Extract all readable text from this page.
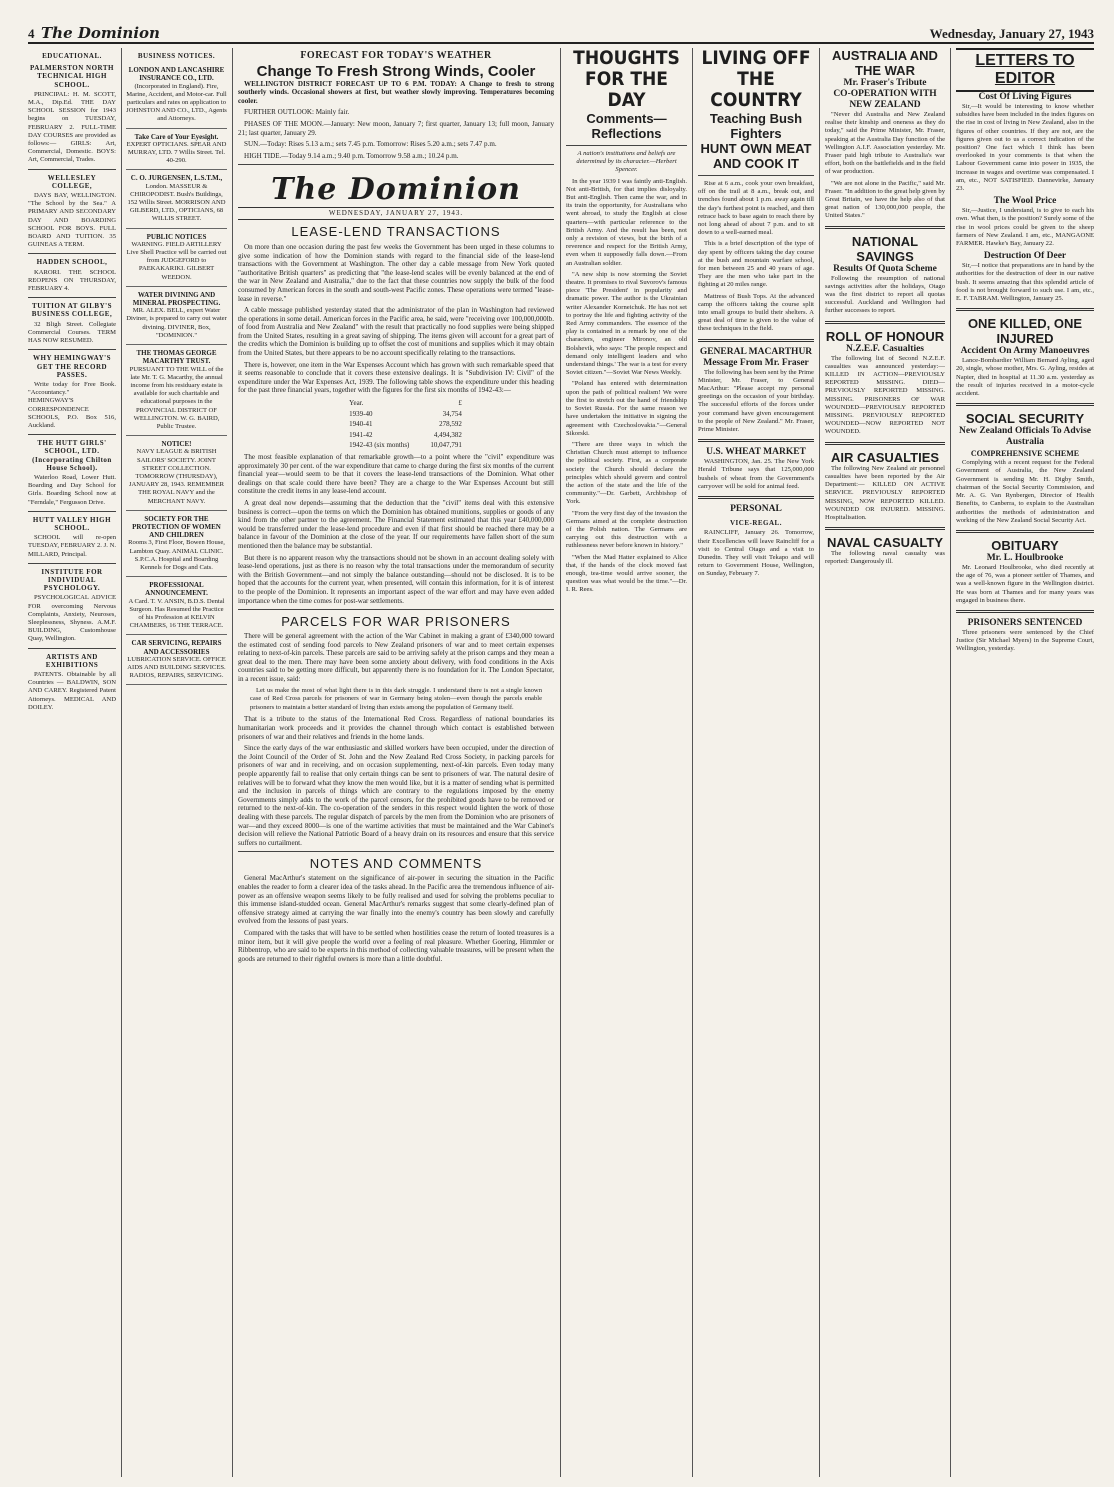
4 The Dominion	Wednesday, January 27, 1943
EDUCATIONAL.
PALMERSTON NORTH TECHNICAL HIGH SCHOOL.

PRINCIPAL: H. M. SCOTT, M.A., Dip.Ed. THE DAY SCHOOL SESSION for 1943 begins on TUESDAY, FEBRUARY 2. FULL-TIME DAY COURSES are provided as follows:— GIRLS: Art, Commercial, Domestic. BOYS: Art, Commercial, Trades.

WELLESLEY COLLEGE,

DAYS BAY, WELLINGTON. "The School by the Sea." A PRIMARY AND SECONDARY DAY AND BOARDING SCHOOL FOR BOYS. FULL BOARD AND TUITION. 35 GUINEAS A TERM.

HADDEN SCHOOL,

KARORI. THE SCHOOL REOPENS ON THURSDAY, FEBRUARY 4.

TUITION AT GILBY'S BUSINESS COLLEGE,

32 Bligh Street. Collegiate Commercial Courses. TERM HAS NOW RESUMED.

WHY HEMINGWAY'S GET THE RECORD PASSES.

Write today for Free Book. "Accountancy." HEMINGWAY'S CORRESPONDENCE SCHOOLS, P.O. Box 516, Auckland.

THE HUTT GIRLS' SCHOOL, LTD. (Incorporating Chilton House School).

Waterloo Road, Lower Hutt. Boarding and Day School for Girls. Boarding School now at "Ferndale," Fergusson Drive.

HUTT VALLEY HIGH SCHOOL.

SCHOOL will re-open TUESDAY, FEBRUARY 2. J. N. MILLARD, Principal.

INSTITUTE FOR INDIVIDUAL PSYCHOLOGY.

PSYCHOLOGICAL ADVICE FOR overcoming Nervous Complaints, Anxiety, Neuroses, Sleeplessness, Shyness. A.M.F. BUILDING, Customhouse Quay, Wellington.

ARTISTS AND EXHIBITIONS

PATENTS. Obtainable by all Countries — BALDWIN, SON AND CAREY. Registered Patent Attorneys. MEDICAL AND DOILEY.

BUSINESS NOTICES.
LONDON AND LANCASHIRE INSURANCE CO., LTD.
(Incorporated in England). Fire, Marine, Accident, and Motor-car. Full particulars and rates on application to JOHNSTON AND CO., LTD., Agents and Attorneys.
Take Care of Your Eyesight.
EXPERT OPTICIANS. SPEAR AND MURRAY, LTD. 7 Willis Street. Tel. 40-290.
C. O. JURGENSEN, L.S.T.M.,
London. MASSEUR & CHIROPODIST. Bush's Buildings, 152 Willis Street. MORRISON AND GILBERD, LTD., OPTICIANS, 68 WILLIS STREET.
PUBLIC NOTICES
WARNING. FIELD ARTILLERY Live Shell Practice will be carried out from JUDGEFORD to PAEKAKARIKI. GILBERT WEEDON.
WATER DIVINING AND MINERAL PROSPECTING.
MR. ALEX. BELL, expert Water Diviner, is prepared to carry out water divining. DIVINER, Box, "DOMINION."
THE THOMAS GEORGE MACARTHY TRUST.
PURSUANT TO THE WILL of the late Mr. T. G. Macarthy, the annual income from his residuary estate is available for such charitable and educational purposes in the PROVINCIAL DISTRICT OF WELLINGTON. W. G. BAIRD, Public Trustee.
NOTICE!
NAVY LEAGUE & BRITISH SAILORS' SOCIETY. JOINT STREET COLLECTION. TOMORROW (THURSDAY), JANUARY 28, 1943. REMEMBER THE ROYAL NAVY and the MERCHANT NAVY.
SOCIETY FOR THE PROTECTION OF WOMEN AND CHILDREN
Rooms 3, First Floor, Bowen House, Lambton Quay. ANIMAL CLINIC. S.P.C.A. Hospital and Boarding Kennels for Dogs and Cats.
PROFESSIONAL ANNOUNCEMENT.
A Card. T. V. ANSIN, B.D.S. Dental Surgeon. Has Resumed the Practice of his Profession at KELVIN CHAMBERS, 16 THE TERRACE.
CAR SERVICING, REPAIRS AND ACCESSORIES
LUBRICATION SERVICE. OFFICE AIDS AND BUILDING SERVICES. RADIOS, REPAIRS, SERVICING.
FORECAST FOR TODAY'S WEATHER
Change To Fresh Strong Winds, Cooler

WELLINGTON DISTRICT FORECAST UP TO 6 P.M. TODAY: A Change to fresh to strong southerly winds. Occasional showers at first, but weather slowly improving. Temperatures becoming cooler.

FURTHER OUTLOOK: Mainly fair.

PHASES OF THE MOON.—January: New moon, January 7; first quarter, January 13; full moon, January 21; last quarter, January 29.

SUN.—Today: Rises 5.13 a.m.; sets 7.45 p.m. Tomorrow: Rises 5.20 a.m.; sets 7.47 p.m.

HIGH TIDE.—Today 9.14 a.m.; 9.40 p.m. Tomorrow 9.58 a.m.; 10.24 p.m.

The Dominion
WEDNESDAY, JANUARY 27, 1943.
LEASE-LEND TRANSACTIONS

On more than one occasion during the past few weeks the Government has been urged in these columns to give some indication of how the Dominion stands with regard to the financial side of the lease-lend transactions with the Government at Washington. The other day a cable message from New York quoted "authoritative British quarters" as predicting that "the lease-lend scales will be evenly balanced at the end of the war in New Zealand and Australia," due to the fact that these countries now supply the bulk of the food consumed by American forces in the south and south-west Pacific zones. These operations were termed "lease-lease in reverse."

A cable message published yesterday stated that the administrator of the plan in Washington had reviewed the operations in some detail. American forces in the Pacific area, he said, were "receiving over 100,000,000lb. of food from Australia and New Zealand" with the result that practically no food supplies were being shipped from the United States, resulting in a great saving of shipping. The items given will account for a great part of the credits which the Dominion is building up to offset the cost of munitions and supplies which it may obtain from the United States, but there appears to be no account specifically relating to the transactions.

There is, however, one item in the War Expenses Account which has grown with such remarkable speed that it seems reasonable to conclude that it covers these extensive dealings. It is "Subdivision IV: Civil" of the expenditure under the War Expenses Act, 1939. The following table shows the expenditure under this heading for the past three financial years, together with the figures for the first six months of 1942-43:—

Year.	£
1939-40	34,754
1940-41	278,592
1941-42	4,494,382
1942-43 (six months)	10,047,791

The most feasible explanation of that remarkable growth—to a point where the "civil" expenditure was approximately 30 per cent. of the war expenditure that came to charge during the first six months of the current financial year—would seem to be that it covers the lease-lend transactions of the Dominion. What other dealings on that scale could there have been? They are a charge to the War Expenses Account but still constitute the credit items in any lease-lend account.

A great deal now depends—assuming that the deduction that the "civil" items deal with this extensive business is correct—upon the terms on which the Dominion has obtained munitions, supplies or goods of any kind from the other partner to the agreement. The Financial Statement estimated that this year £40,000,000 would be transferred under the lease-lend procedure and even if that first should be reached there may be a balance in favour of the Dominion at the close of the year. If our requirements have fallen short of the sum mentioned then the balance may be substantial.

But there is no apparent reason why the transactions should not be shown in an account dealing solely with lease-lend operations, just as there is no reason why the total transactions under the memorandum of security with the British Government—and not simply the balance outstanding—should not be disclosed. It is to be hoped that the accounts for the current year, when presented, will contain this information, for it is of interest to the people of the Dominion. It represents an important aspect of the war effort and may have even added importance when the time comes for post-war settlements.

PARCELS FOR WAR PRISONERS

There will be general agreement with the action of the War Cabinet in making a grant of £340,000 toward the estimated cost of sending food parcels to New Zealand prisoners of war and to meet certain expenses relating to next-of-kin parcels. These parcels are said to be arriving safely at the prison camps and they mean a great deal to the men. There may have been some anxiety about delivery, with food conditions in the Axis countries said to be getting more difficult, but apparently there is no foundation for it. The London Spectator, in a recent issue, said:

Let us make the most of what light there is in this dark struggle. I understand there is not a single known case of Red Cross parcels for prisoners of war in Germany being stolen—even though the parcels enable prisoners to maintain a better standard of living than exists among the population of Germany itself.

That is a tribute to the status of the International Red Cross. Regardless of national boundaries its humanitarian work proceeds and it provides the channel through which contact is established between prisoners of war and their relatives and friends in the home lands.

Since the early days of the war enthusiastic and skilled workers have been occupied, under the direction of the Joint Council of the Order of St. John and the New Zealand Red Cross Society, in packing parcels for prisoners of war and in receiving, and on occasion supplementing, next-of-kin parcels. Even today many people apparently fail to realise that only certain things can be sent to prisoners of war. The natural desire of relatives will be to forward what they know the men would like, but it is a matter of sending what is permitted and the inclusion in parcels of things which are contrary to the regulations imposed by the enemy Governments simply adds to the work of the parcel censors, for the prohibited goods have to be removed or returned to the next-of-kin. The co-operation of the senders in this respect would lighten the work of those dealing with these parcels. The regular dispatch of parcels by the men from the Dominion who are prisoners of war—and they exceed 8000—is one of the wartime activities that must be maintained and the War Cabinet's decision will relieve the National Patriotic Board of a heavy drain on its resources and ensure that this service suffers no curtailment.

NOTES AND COMMENTS

General MacArthur's statement on the significance of air-power in securing the situation in the Pacific enables the reader to form a clearer idea of the tasks ahead. In the Pacific area the tremendous influence of air-power as an offensive weapon seems likely to be fully realised and used for solving the problems peculiar to this immense island-studded ocean. General MacArthur's remarks suggest that some clearly-defined plan of offensive strategy aimed at carrying the war finally into the enemy's country has been slowly and carefully evolved from the lessons of past years.

Compared with the tasks that will have to be settled when hostilities cease the return of looted treasures is a minor item, but it will give people the world over a feeling of real pleasure. Whether Goering, Himmler or Ribbentrop, who are said to be experts in this method of collecting valuable treasures, will be present when the goods are returned to their rightful owners is more than a little doubtful.

THOUGHTS FOR THE DAY
Comments—Reflections

A nation's institutions and beliefs are determined by its character.—Herbert Spencer.

In the year 1939 I was faintly anti-English. Not anti-British, for that implies disloyalty. But anti-English. Then came the war, and in its train the opportunity, for Australians who went abroad, to study the English at close quarters—with particular reference to the British Army. And the result has been, not only a revision of views, but the birth of a reverence and respect for the British Army, even when it supposedly falls down.—From an Australian soldier.

"A new ship is now storming the Soviet theatre. It promises to rival Suvorov's famous piece 'The President' in popularity and dramatic power. The author is the Ukrainian writer Alexander Korneichuk. He has not set to portray the life and fighting activity of the Red Army commanders. The essence of the play is contained in a remark by one of the characters, engineer Mironov, an old Bolshevik, who says: 'The people respect and demand only intelligent leaders and who understand things.' The war is a test for every Soviet citizen."—Soviet War News Weekly.

"Poland has entered with determination upon the path of political realism! We were the first to stretch out the hand of friendship to Soviet Russia. For the same reason we have undertaken the initiative in signing the agreement with Czechoslovakia."—General Sikorski.

"There are three ways in which the Christian Church must attempt to influence the political society. First, as a corporate society the Church should declare the principles which should govern and control the action of the state and the life of the community."—Dr. Garbett, Archbishop of York.

"From the very first day of the invasion the Germans aimed at the complete destruction of the Polish nation. The Germans are carrying out this destruction with a ruthlessness never before known in history."

"When the Mad Hatter explained to Alice that, if the hands of the clock moved fast enough, tea-time would arrive sooner, the question was what would be the time."—Dr. I. R. Rees.

LIVING OFF THE COUNTRY
Teaching Bush Fighters
HUNT OWN MEAT AND COOK IT

Rise at 6 a.m., cook your own breakfast, off on the trail at 8 a.m., break out, and trenches found about 1 p.m. away again till the day's furthest point is reached, and then retrace back to base again to reach there by not long ahead of about 7 p.m. and to sit down to a well-earned meal.

This is a brief description of the type of day spent by officers taking the day course at the bush and mountain warfare school, for men between 25 and 40 years of age. They are the men who take part in the fighting at 20 miles range.

Mattress of Bush Tops. At the advanced camp the officers taking the course split into small groups to build their shelters. A great deal of time is given to the value of these techniques in the field.

GENERAL MACARTHUR
Message From Mr. Fraser

The following has been sent by the Prime Minister, Mr. Fraser, to General MacArthur: "Please accept my personal greetings on the occasion of your birthday. The successful efforts of the forces under your command have given encouragement to the people of New Zealand." Mr. Fraser, Prime Minister.

U.S. WHEAT MARKET

WASHINGTON, Jan. 25. The New York Herald Tribune says that 125,000,000 bushels of wheat from the Government's carryover will be sold for animal feed.

PERSONAL
VICE-REGAL.

RAINCLIFF, January 26. Tomorrow, their Excellencies will leave Raincliff for a visit to Central Otago and a visit to Dunedin. They will visit Tekapo and will return to Government House, Wellington, on Sunday, February 7.

AUSTRALIA AND THE WAR
Mr. Fraser's Tribute
CO-OPERATION WITH NEW ZEALAND

"Never did Australia and New Zealand realise their kinship and oneness as they do today," said the Prime Minister, Mr. Fraser, speaking at the Australia Day function of the Wellington A.I.F. Association yesterday. Mr. Fraser paid high tribute to Australia's war effort, both on the battlefields and in the field of war production.

"We are not alone in the Pacific," said Mr. Fraser. "In addition to the great help given by Great Britain, we have the help also of that great nation of 130,000,000 people, the United States."

NATIONAL SAVINGS
Results Of Quota Scheme

Following the resumption of national savings activities after the holidays, Otago was the first district to report all quotas successful. Auckland and Wellington had further successes to report.

ROLL OF HONOUR
N.Z.E.F. Casualties

The following list of Second N.Z.E.F. casualties was announced yesterday:— KILLED IN ACTION—PREVIOUSLY REPORTED MISSING. DIED—PREVIOUSLY REPORTED MISSING. MISSING. PRISONERS OF WAR WOUNDED—PREVIOUSLY REPORTED MISSING. PREVIOUSLY REPORTED WOUNDED—NOW REPORTED NOT WOUNDED.

AIR CASUALTIES

The following New Zealand air personnel casualties have been reported by the Air Department:— KILLED ON ACTIVE SERVICE. PREVIOUSLY REPORTED MISSING, NOW REPORTED KILLED. WOUNDED OR INJURED. MISSING. Hospitalisation.

NAVAL CASUALTY

The following naval casualty was reported: Dangerously ill.

LETTERS TO EDITOR
Cost Of Living Figures

Sir,—It would be interesting to know whether subsidies have been included in the index figures on the rise in cost of living in New Zealand, also in the figures of other countries. If they are not, are the figures given out to us a correct indication of the position? One fact which I think has been overlooked in your comments is that when the Labour Government came into power in 1935, the increase in wages and overtime was compensated. I am, etc., NOT SATISFIED. Dannevirke, January 23.

The Wool Price

Sir,—Justice, I understand, is to give to each his own. What then, is the position? Surely some of the rise in wool prices could be given to the sheep farmers of New Zealand. I am, etc., MANGAONE FARMER. Hawke's Bay, January 22.

Destruction Of Deer

Sir,—I notice that preparations are in hand by the authorities for the destruction of deer in our native bush. It seems amazing that this splendid article of food is not brought forward to such use. I am, etc., E. F. TABRAM. Wellington, January 25.

ONE KILLED, ONE INJURED
Accident On Army Manoeuvres

Lance-Bombardier William Bernard Ayling, aged 20, single, whose mother, Mrs. G. Ayling, resides at Napier, died in hospital at 11.30 a.m. yesterday as the result of injuries received in a motor-cycle accident.

SOCIAL SECURITY
New Zealand Officials To Advise Australia
COMPREHENSIVE SCHEME

Complying with a recent request for the Federal Government of Australia, the New Zealand Government is sending Mr. H. Digby Smith, chairman of the Social Security Commission, and Mr. A. G. Van Rynbergen, Director of Health Benefits, to Canberra, to explain to the Australian authorities the methods of administration and working of the New Zealand Social Security Act.

OBITUARY
Mr. L. Houlbrooke

Mr. Leonard Houlbrooke, who died recently at the age of 76, was a pioneer settler of Thames, and was a well-known figure in the Wellington district. He was born at Thames and for many years was engaged in business there.

PRISONERS SENTENCED

Three prisoners were sentenced by the Chief Justice (Sir Michael Myers) in the Supreme Court, Wellington, yesterday.
